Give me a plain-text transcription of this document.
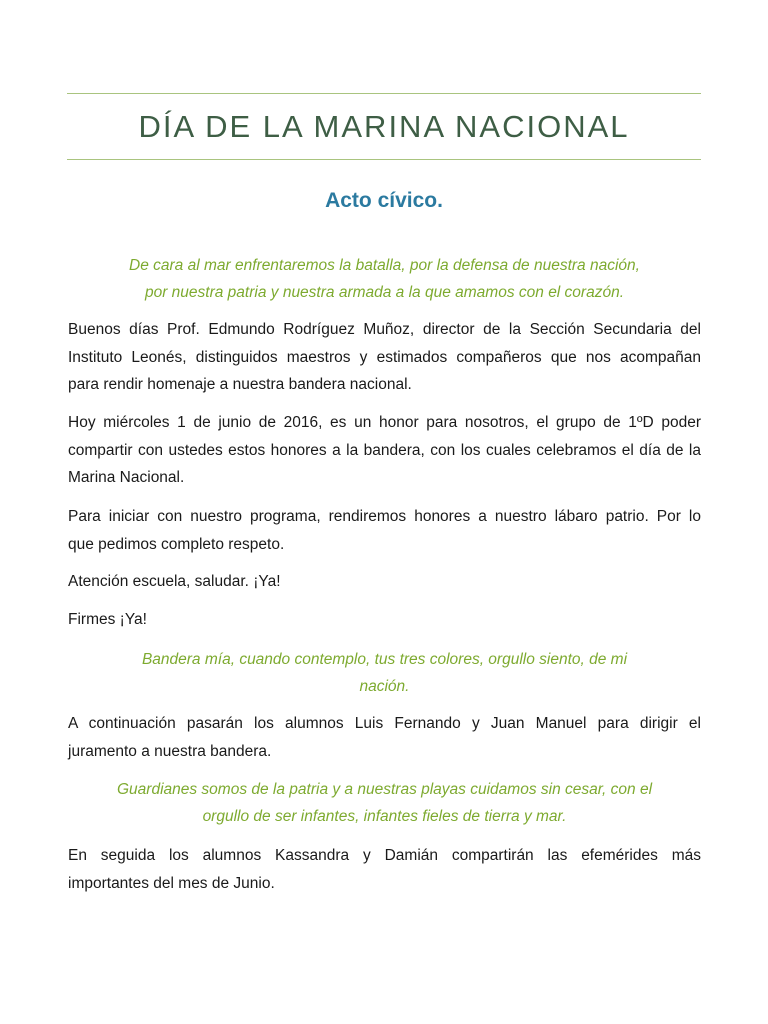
DÍA DE LA MARINA NACIONAL
Acto cívico.

De cara al mar enfrentaremos la batalla, por la defensa de nuestra nación,
por nuestra patria y nuestra armada a la que amamos con el corazón.

Buenos días Prof. Edmundo Rodríguez Muñoz, director de la Sección Secundaria del
Instituto Leonés, distinguidos maestros y estimados compañeros que nos acompañan
para rendir homenaje a nuestra bandera nacional.

Hoy miércoles 1 de junio de 2016, es un honor para nosotros, el grupo de 1ºD poder
compartir con ustedes estos honores a la bandera, con los cuales celebramos el día de la
Marina Nacional.

Para iniciar con nuestro programa, rendiremos honores a nuestro lábaro patrio. Por lo
que pedimos completo respeto.

Atención escuela, saludar. ¡Ya!

Firmes ¡Ya!

Bandera mía, cuando contemplo, tus tres colores, orgullo siento, de mi
nación.

A continuación pasarán los alumnos Luis Fernando y Juan Manuel para dirigir el
juramento a nuestra bandera.

Guardianes somos de la patria y a nuestras playas cuidamos sin cesar, con el
orgullo de ser infantes, infantes fieles de tierra y mar.

En seguida los alumnos Kassandra y Damián compartirán las efemérides más
importantes del mes de Junio.
